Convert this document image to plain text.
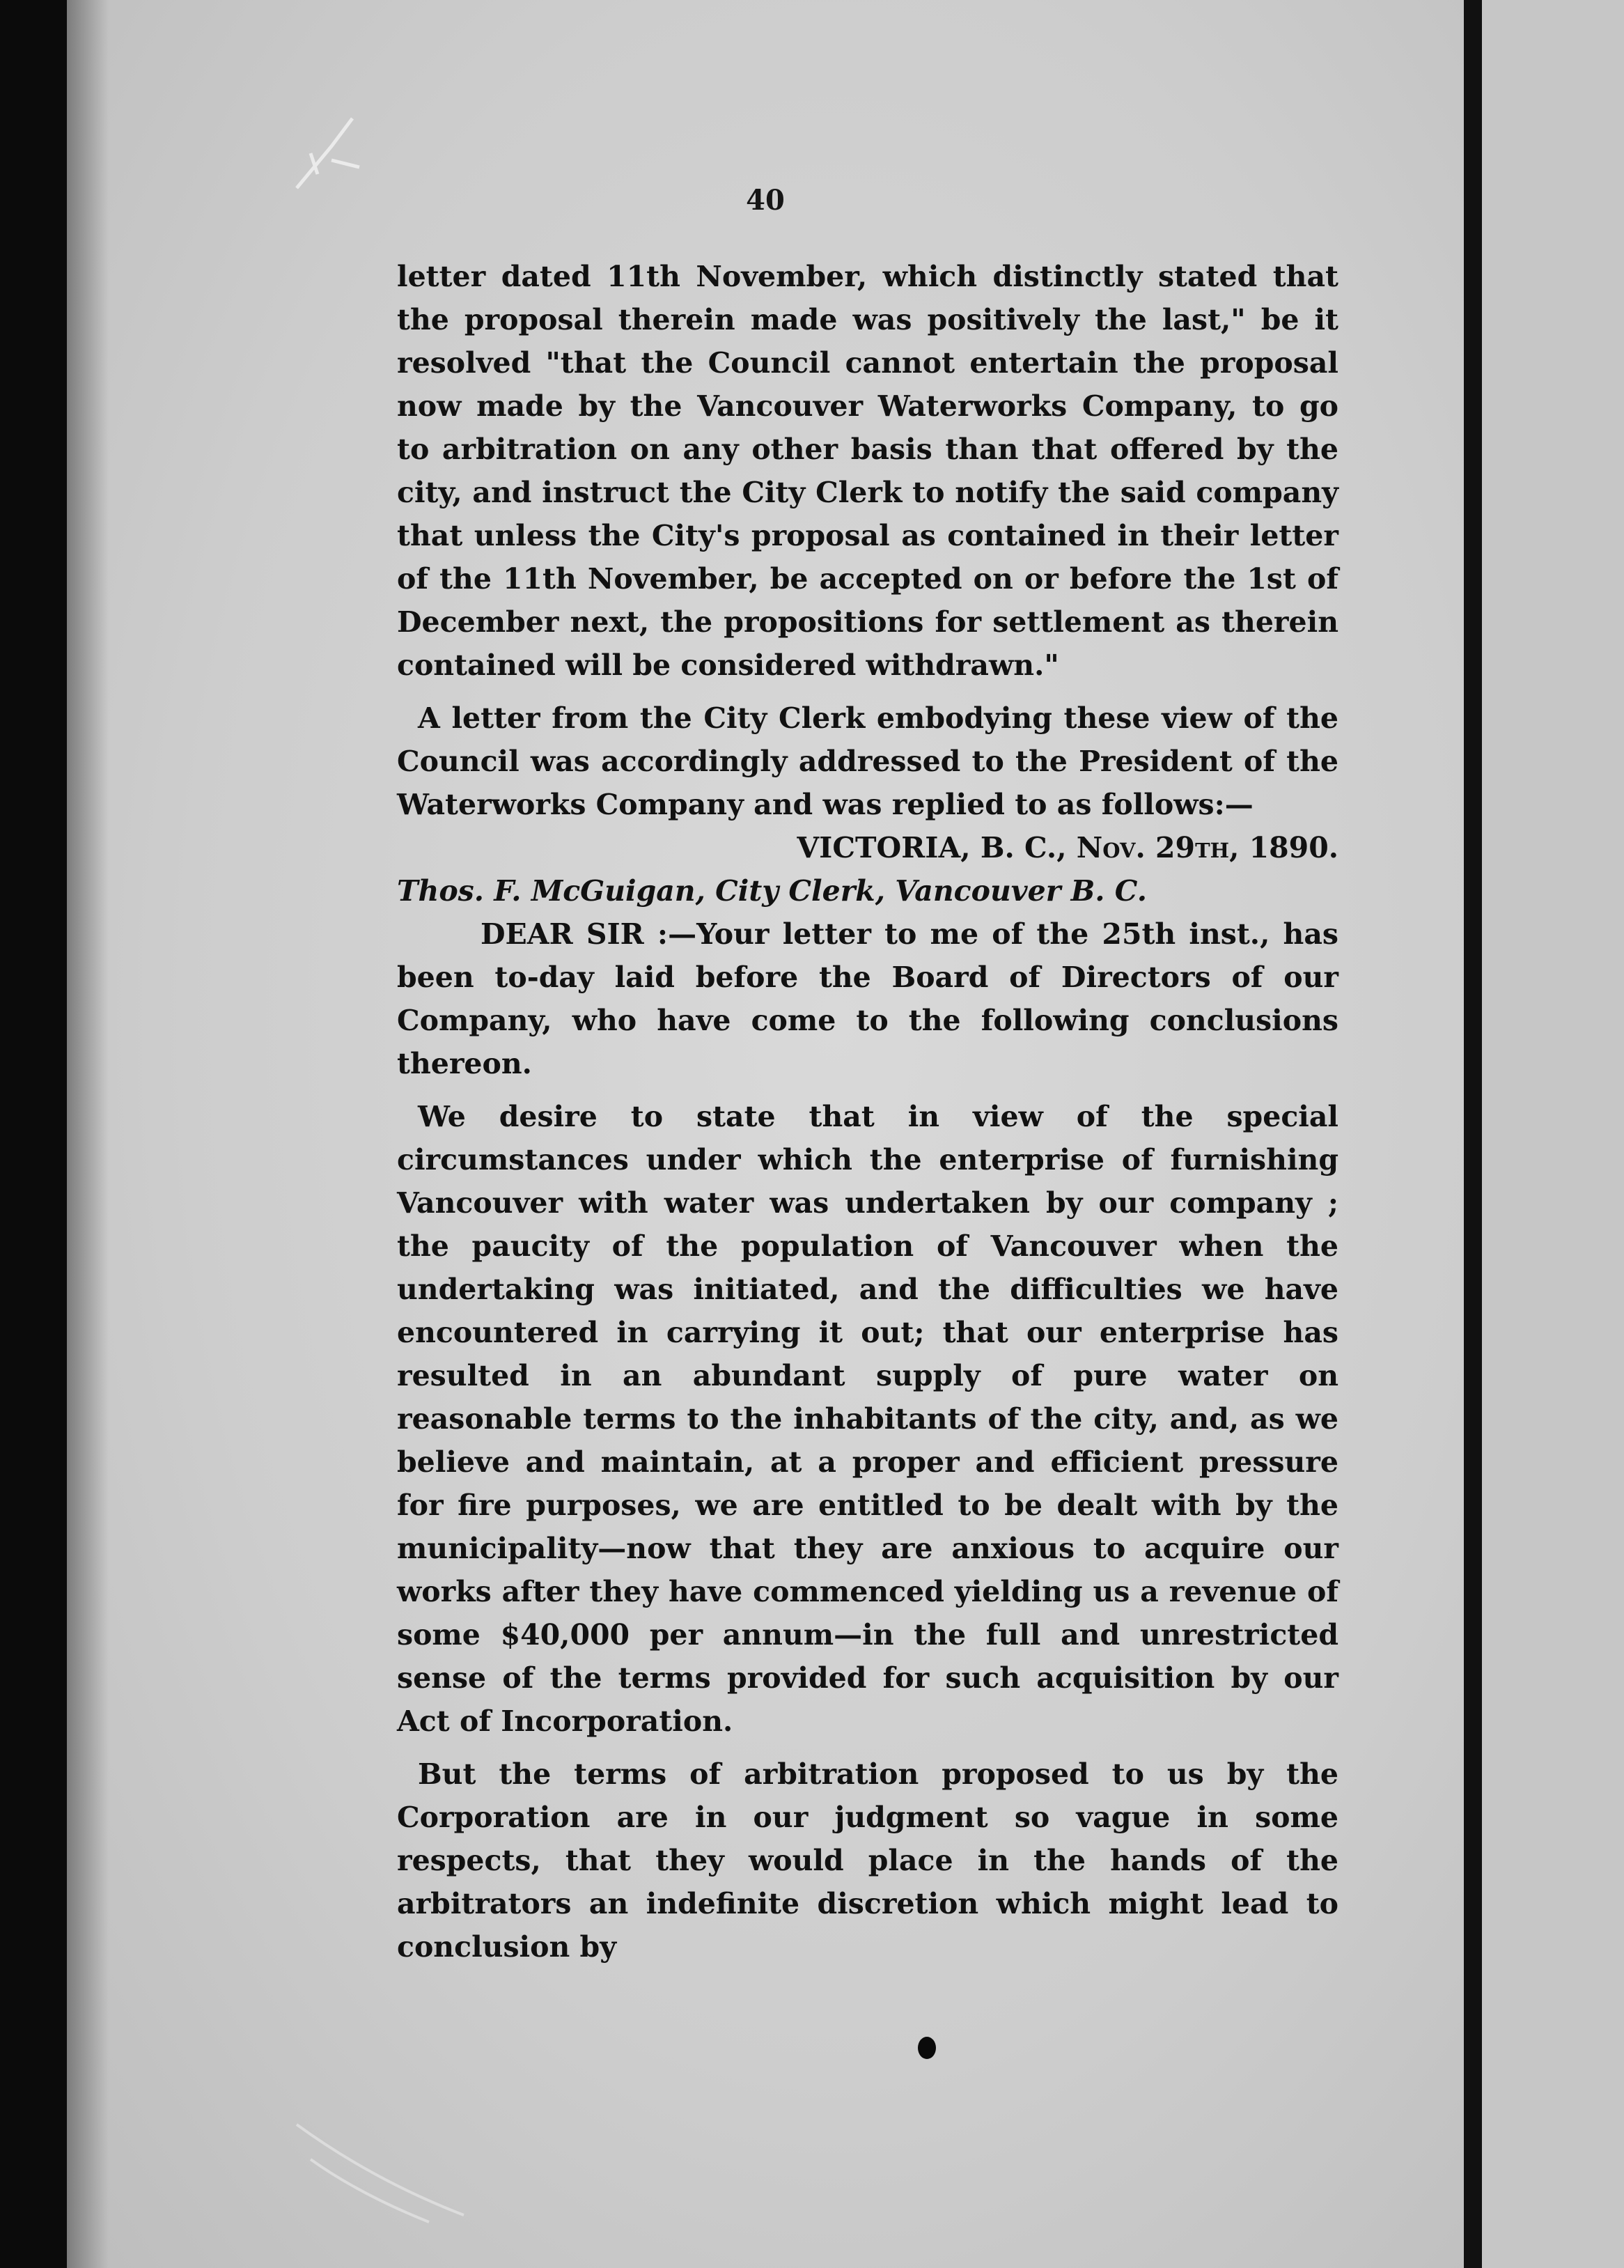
40

letter dated 11th November, which distinctly stated that the proposal therein made was positively the last," be it resolved "that the Council cannot entertain the proposal now made by the Vancouver Waterworks Company, to go to arbitration on any other basis than that offered by the city, and instruct the City Clerk to notify the said company that unless the City's proposal as contained in their letter of the 11th November, be accepted on or before the 1st of December next, the propositions for settlement as therein contained will be considered withdrawn."

A letter from the City Clerk embodying these view of the Council was accordingly addressed to the President of the Waterworks Company and was replied to as follows:—

VICTORIA, B. C., Nov. 29th, 1890.

Thos. F. McGuigan, City Clerk, Vancouver B. C.

DEAR SIR :—Your letter to me of the 25th inst., has been to-day laid before the Board of Directors of our Company, who have come to the following conclusions thereon.

We desire to state that in view of the special circumstances under which the enterprise of furnishing Vancouver with water was undertaken by our company ; the paucity of the population of Vancouver when the undertaking was initiated, and the difficulties we have encountered in carrying it out; that our enterprise has resulted in an abundant supply of pure water on reasonable terms to the inhabitants of the city, and, as we believe and maintain, at a proper and efficient pressure for fire purposes, we are entitled to be dealt with by the municipality—now that they are anxious to acquire our works after they have commenced yielding us a revenue of some $40,000 per annum—in the full and unrestricted sense of the terms provided for such acquisition by our Act of Incorporation.

But the terms of arbitration proposed to us by the Corporation are in our judgment so vague in some respects, that they would place in the hands of the arbitrators an indefinite discretion which might lead to conclusion by
